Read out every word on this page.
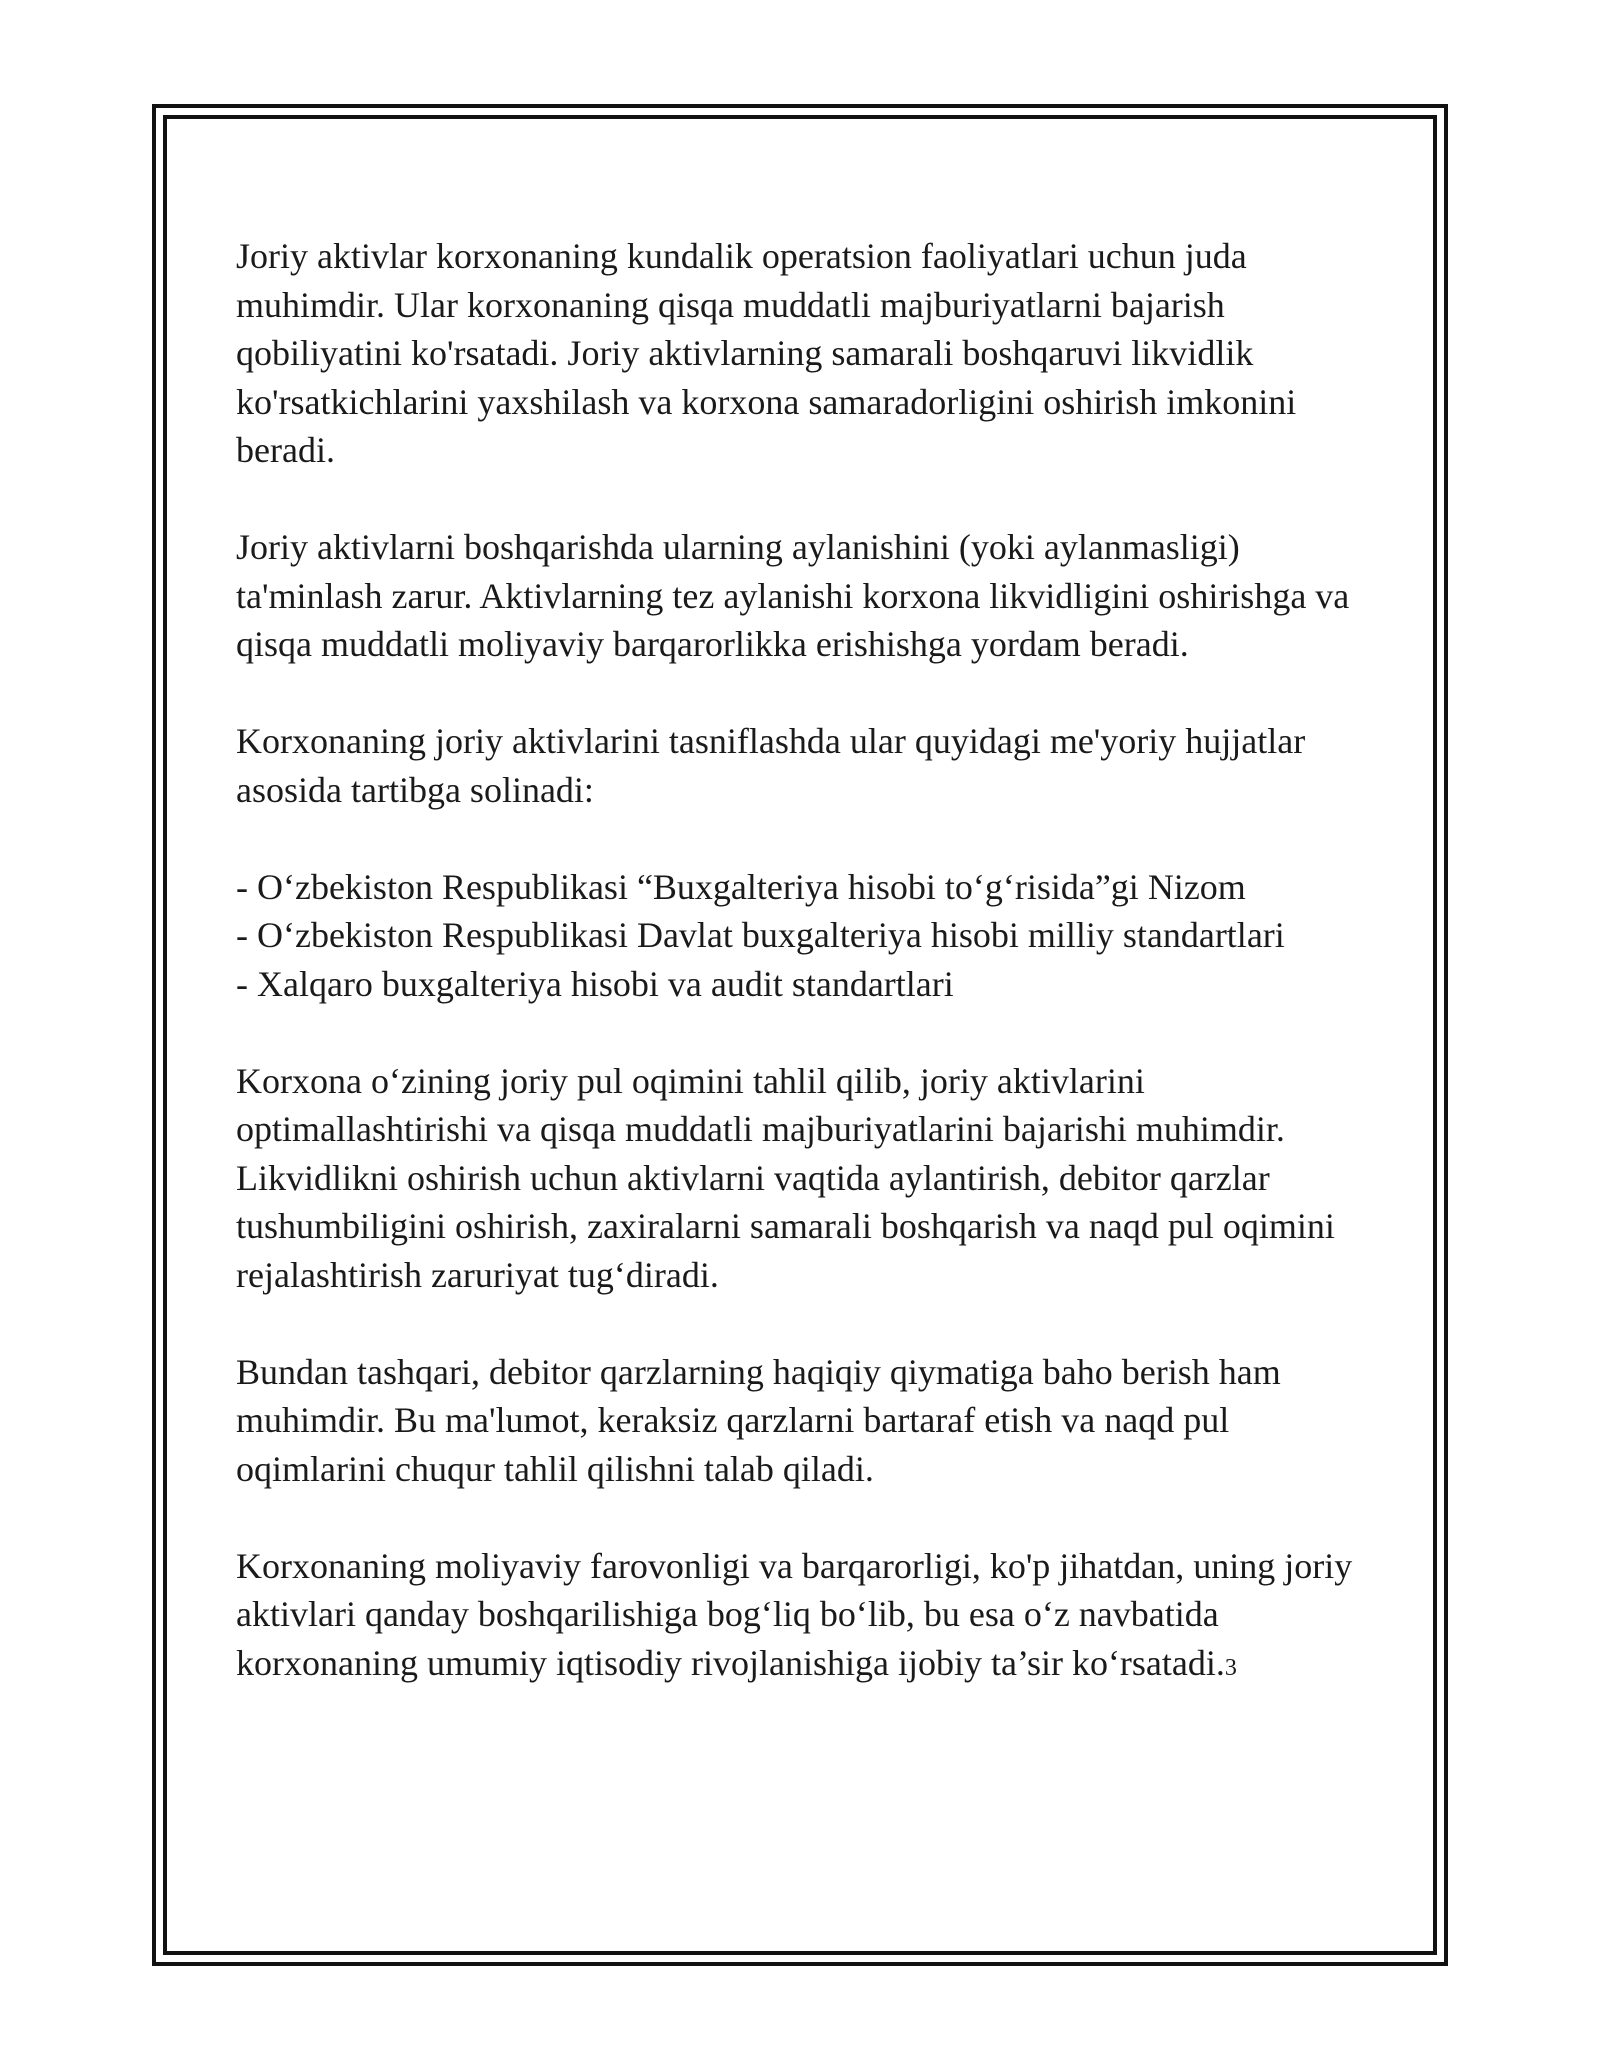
Joriy aktivlar korxonaning kundalik operatsion faoliyatlari uchun juda muhimdir. Ular korxonaning qisqa muddatli majburiyatlarni bajarish qobiliyatini ko'rsatadi. Joriy aktivlarning samarali boshqaruvi likvidlik ko'rsatkichlarini yaxshilash va korxona samaradorligini oshirish imkonini beradi.

Joriy aktivlarni boshqarishda ularning aylanishini (yoki aylanmasligi) ta'minlash zarur. Aktivlarning tez aylanishi korxona likvidligini oshirishga va qisqa muddatli moliyaviy barqarorlikka erishishga yordam beradi.

Korxonaning joriy aktivlarini tasniflashda ular quyidagi me'yoriy hujjatlar asosida tartibga solinadi:

- O‘zbekiston Respublikasi “Buxgalteriya hisobi to‘g‘risida”gi Nizom
- O‘zbekiston Respublikasi Davlat buxgalteriya hisobi milliy standartlari
- Xalqaro buxgalteriya hisobi va audit standartlari

Korxona o‘zining joriy pul oqimini tahlil qilib, joriy aktivlarini optimallashtirishi va qisqa muddatli majburiyatlarini bajarishi muhimdir. Likvidlikni oshirish uchun aktivlarni vaqtida aylantirish, debitor qarzlar tushumbiligini oshirish, zaxiralarni samarali boshqarish va naqd pul oqimini rejalashtirish zaruriyat tug‘diradi.

Bundan tashqari, debitor qarzlarning haqiqiy qiymatiga baho berish ham muhimdir. Bu ma'lumot, keraksiz qarzlarni bartaraf etish va naqd pul oqimlarini chuqur tahlil qilishni talab qiladi.

Korxonaning moliyaviy farovonligi va barqarorligi, ko'p jihatdan, uning joriy aktivlari qanday boshqarilishiga bog‘liq bo‘lib, bu esa o‘z navbatida korxonaning umumiy iqtisodiy rivojlanishiga ijobiy ta’sir ko‘rsatadi.3
